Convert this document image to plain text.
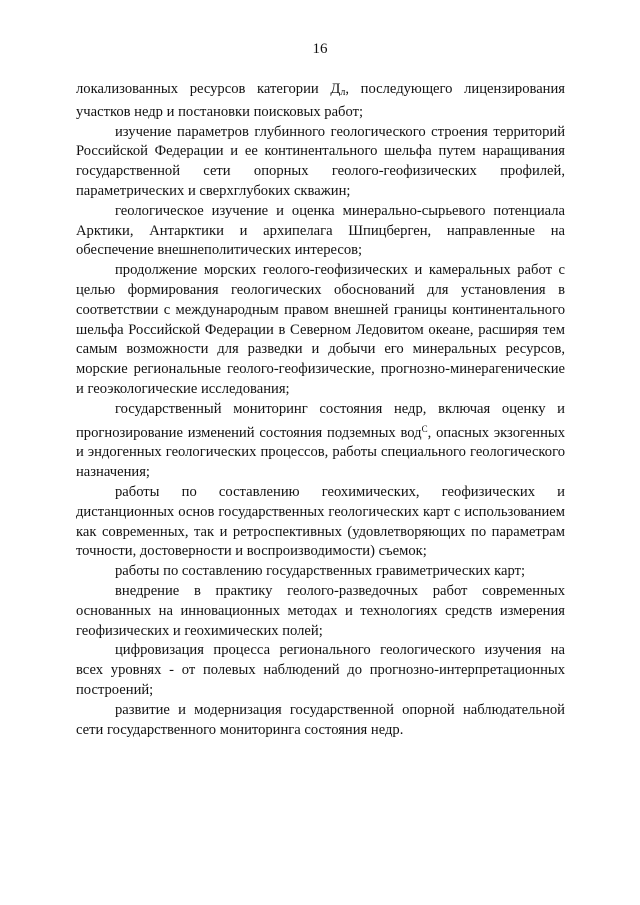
16

локализованных ресурсов категории $Д_л$, последующего лицензирования участков недр и постановки поисковых работ;

изучение параметров глубинного геологического строения территорий Российской Федерации и ее континентального шельфа путем наращивания государственной сети опорных геолого-геофизических профилей, параметрических и сверхглубоких скважин;

геологическое изучение и оценка минерально-сырьевого потенциала Арктики, Антарктики и архипелага Шпицберген, направленные на обеспечение внешнеполитических интересов;

продолжение морских геолого-геофизических и камеральных работ с целью формирования геологических обоснований для установления в соответствии с международным правом внешней границы континентального шельфа Российской Федерации в Северном Ледовитом океане, расширяя тем самым возможности для разведки и добычи его минеральных ресурсов, морские региональные геолого-геофизические, прогнозно-минерагенические и геоэкологические исследования;

государственный мониторинг состояния недр, включая оценку и прогнозирование изменений состояния подземных вод$^С$, опасных экзогенных и эндогенных геологических процессов, работы специального геологического назначения;

работы по составлению геохимических, геофизических и дистанционных основ государственных геологических карт с использованием как современных, так и ретроспективных (удовлетворяющих по параметрам точности, достоверности и воспроизводимости) съемок;

работы по составлению государственных гравиметрических карт;

внедрение в практику геолого-разведочных работ современных основанных на инновационных методах и технологиях средств измерения геофизических и геохимических полей;

цифровизация процесса регионального геологического изучения на всех уровнях - от полевых наблюдений до прогнозно-интерпретационных построений;

развитие и модернизация государственной опорной наблюдательной сети государственного мониторинга состояния недр.
